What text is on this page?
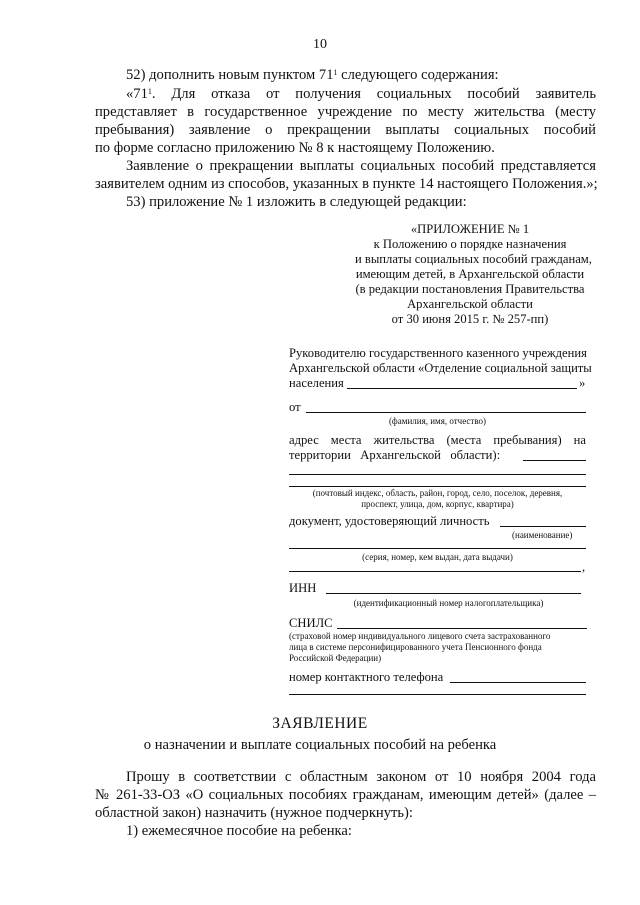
10
52) дополнить новым пунктом $71^1$ следующего содержания:
«$71^1$. Для отказа от получения социальных пособий заявитель
представляет в государственное учреждение по месту жительства (месту
пребывания) заявление о прекращении выплаты социальных пособий
по форме согласно приложению № 8 к настоящему Положению.
Заявление о прекращении выплаты социальных пособий представляется
заявителем одним из способов, указанных в пункте 14 настоящего Положения.»;
53) приложение № 1 изложить в следующей редакции:
«ПРИЛОЖЕНИЕ № 1
к Положению о порядке назначения
и выплаты социальных пособий гражданам,
имеющим детей, в Архангельской области
(в редакции постановления Правительства
Архангельской области
от 30 июня 2015 г. № 257-пп)
Руководителю государственного казенного учреждения
Архангельской области «Отделение социальной защиты
населения	»
от
(фамилия, имя, отчество)
адрес места жительства (места пребывания) на
территории Архангельской области):
(почтовый индекс, область, район, город, село, поселок, деревня,
проспект, улица, дом, корпус, квартира)
документ, удостоверяющий личность
(наименование)
(серия, номер, кем выдан, дата выдачи)
,
ИНН
(идентификационный номер налогоплательщика)
СНИЛС
(страховой номер индивидуального лицевого счета застрахованного
лица в системе персонифицированного учета Пенсионного фонда
Российской Федерации)
номер контактного телефона
ЗАЯВЛЕНИЕ
о назначении и выплате социальных пособий на ребенка
Прошу в соответствии с областным законом от 10 ноября 2004 года
№ 261-33-ОЗ «О социальных пособиях гражданам, имеющим детей» (далее –
областной закон) назначить (нужное подчеркнуть):
1) ежемесячное пособие на ребенка:
